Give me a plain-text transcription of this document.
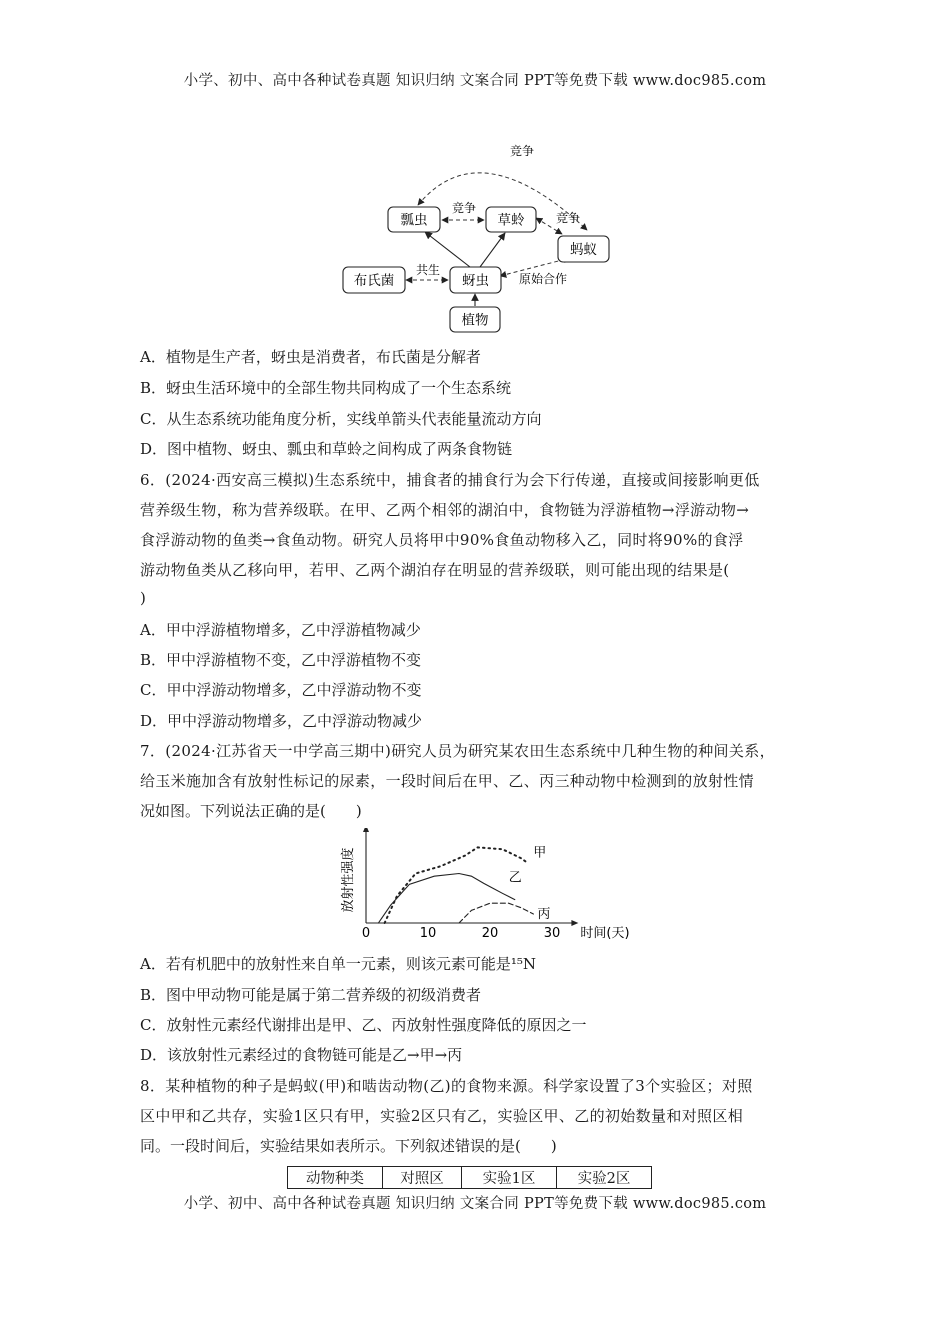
小学、初中、高中各种试卷真题 知识归纳 文案合同 PPT等免费下载 www.doc985.com
瓢虫	草蛉
蚂蚁
布氏菌	蚜虫
植物
竞争
竞争
竞争
共生
原始合作
A．植物是生产者，蚜虫是消费者，布氏菌是分解者
B．蚜虫生活环境中的全部生物共同构成了一个生态系统
C．从生态系统功能角度分析，实线单箭头代表能量流动方向
D．图中植物、蚜虫、瓢虫和草蛉之间构成了两条食物链
6．(2024·西安高三模拟)生态系统中，捕食者的捕食行为会下行传递，直接或间接影响更低
营养级生物，称为营养级联。在甲、乙两个相邻的湖泊中，食物链为浮游植物→浮游动物→
食浮游动物的鱼类→食鱼动物。研究人员将甲中90%食鱼动物移入乙，同时将90%的食浮
游动物鱼类从乙移向甲，若甲、乙两个湖泊存在明显的营养级联，则可能出现的结果是(
)
A．甲中浮游植物增多，乙中浮游植物减少
B．甲中浮游植物不变，乙中浮游植物不变
C．甲中浮游动物增多，乙中浮游动物不变
D．甲中浮游动物增多，乙中浮游动物减少
7．(2024·江苏省天一中学高三期中)研究人员为研究某农田生态系统中几种生物的种间关系，
给玉米施加含有放射性标记的尿素，一段时间后在甲、乙、丙三种动物中检测到的放射性情
况如图。下列说法正确的是(　　)
0	10	20	30 时间(天)
甲
乙
丙
放射性强度
A．若有机肥中的放射性来自单一元素，则该元素可能是¹⁵N
B．图中甲动物可能是属于第二营养级的初级消费者
C．放射性元素经代谢排出是甲、乙、丙放射性强度降低的原因之一
D．该放射性元素经过的食物链可能是乙→甲→丙
8．某种植物的种子是蚂蚁(甲)和啮齿动物(乙)的食物来源。科学家设置了3个实验区；对照
区中甲和乙共存，实验1区只有甲，实验2区只有乙，实验区甲、乙的初始数量和对照区相
同。一段时间后，实验结果如表所示。下列叙述错误的是(　　)
动物种类	对照区	实验1区	实验2区
小学、初中、高中各种试卷真题 知识归纳 文案合同 PPT等免费下载 www.doc985.com
